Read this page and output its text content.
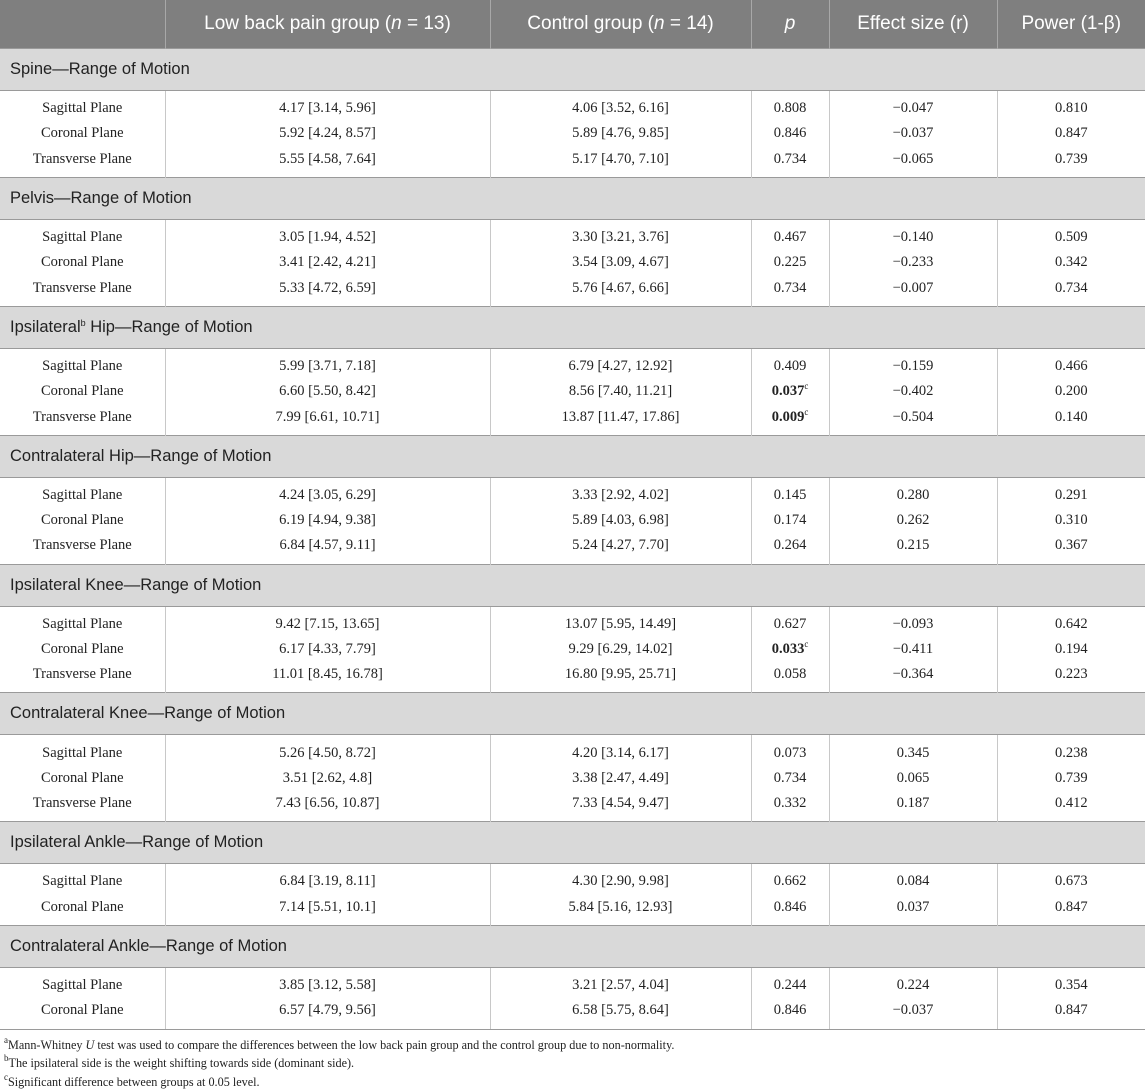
	Low back pain group (n = 13)	Control group (n = 14)	p	Effect size (r)	Power (1-β)
Spine—Range of Motion					
Sagittal Plane	4.17 [3.14, 5.96]	4.06 [3.52, 6.16]	0.808	−0.047	0.810
Coronal Plane	5.92 [4.24, 8.57]	5.89 [4.76, 9.85]	0.846	−0.037	0.847
Transverse Plane	5.55 [4.58, 7.64]	5.17 [4.70, 7.10]	0.734	−0.065	0.739
Pelvis—Range of Motion					
Sagittal Plane	3.05 [1.94, 4.52]	3.30 [3.21, 3.76]	0.467	−0.140	0.509
Coronal Plane	3.41 [2.42, 4.21]	3.54 [3.09, 4.67]	0.225	−0.233	0.342
Transverse Plane	5.33 [4.72, 6.59]	5.76 [4.67, 6.66]	0.734	−0.007	0.734
Ipsilateral$^b$ Hip—Range of Motion					
Sagittal Plane	5.99 [3.71, 7.18]	6.79 [4.27, 12.92]	0.409	−0.159	0.466
Coronal Plane	6.60 [5.50, 8.42]	8.56 [7.40, 11.21]	0.037$^c$	−0.402	0.200
Transverse Plane	7.99 [6.61, 10.71]	13.87 [11.47, 17.86]	0.009$^c$	−0.504	0.140
Contralateral Hip—Range of Motion					
Sagittal Plane	4.24 [3.05, 6.29]	3.33 [2.92, 4.02]	0.145	0.280	0.291
Coronal Plane	6.19 [4.94, 9.38]	5.89 [4.03, 6.98]	0.174	0.262	0.310
Transverse Plane	6.84 [4.57, 9.11]	5.24 [4.27, 7.70]	0.264	0.215	0.367
Ipsilateral Knee—Range of Motion					
Sagittal Plane	9.42 [7.15, 13.65]	13.07 [5.95, 14.49]	0.627	−0.093	0.642
Coronal Plane	6.17 [4.33, 7.79]	9.29 [6.29, 14.02]	0.033$^c$	−0.411	0.194
Transverse Plane	11.01 [8.45, 16.78]	16.80 [9.95, 25.71]	0.058	−0.364	0.223
Contralateral Knee—Range of Motion					
Sagittal Plane	5.26 [4.50, 8.72]	4.20 [3.14, 6.17]	0.073	0.345	0.238
Coronal Plane	3.51 [2.62, 4.8]	3.38 [2.47, 4.49]	0.734	0.065	0.739
Transverse Plane	7.43 [6.56, 10.87]	7.33 [4.54, 9.47]	0.332	0.187	0.412
Ipsilateral Ankle—Range of Motion					
Sagittal Plane	6.84 [3.19, 8.11]	4.30 [2.90, 9.98]	0.662	0.084	0.673
Coronal Plane	7.14 [5.51, 10.1]	5.84 [5.16, 12.93]	0.846	0.037	0.847
Contralateral Ankle—Range of Motion					
Sagittal Plane	3.85 [3.12, 5.58]	3.21 [2.57, 4.04]	0.244	0.224	0.354
Coronal Plane	6.57 [4.79, 9.56]	6.58 [5.75, 8.64]	0.846	−0.037	0.847

$^a$Mann-Whitney U test was used to compare the differences between the low back pain group and the control group due to non-normality.

$^b$The ipsilateral side is the weight shifting towards side (dominant side).

$^c$Significant difference between groups at 0.05 level.
